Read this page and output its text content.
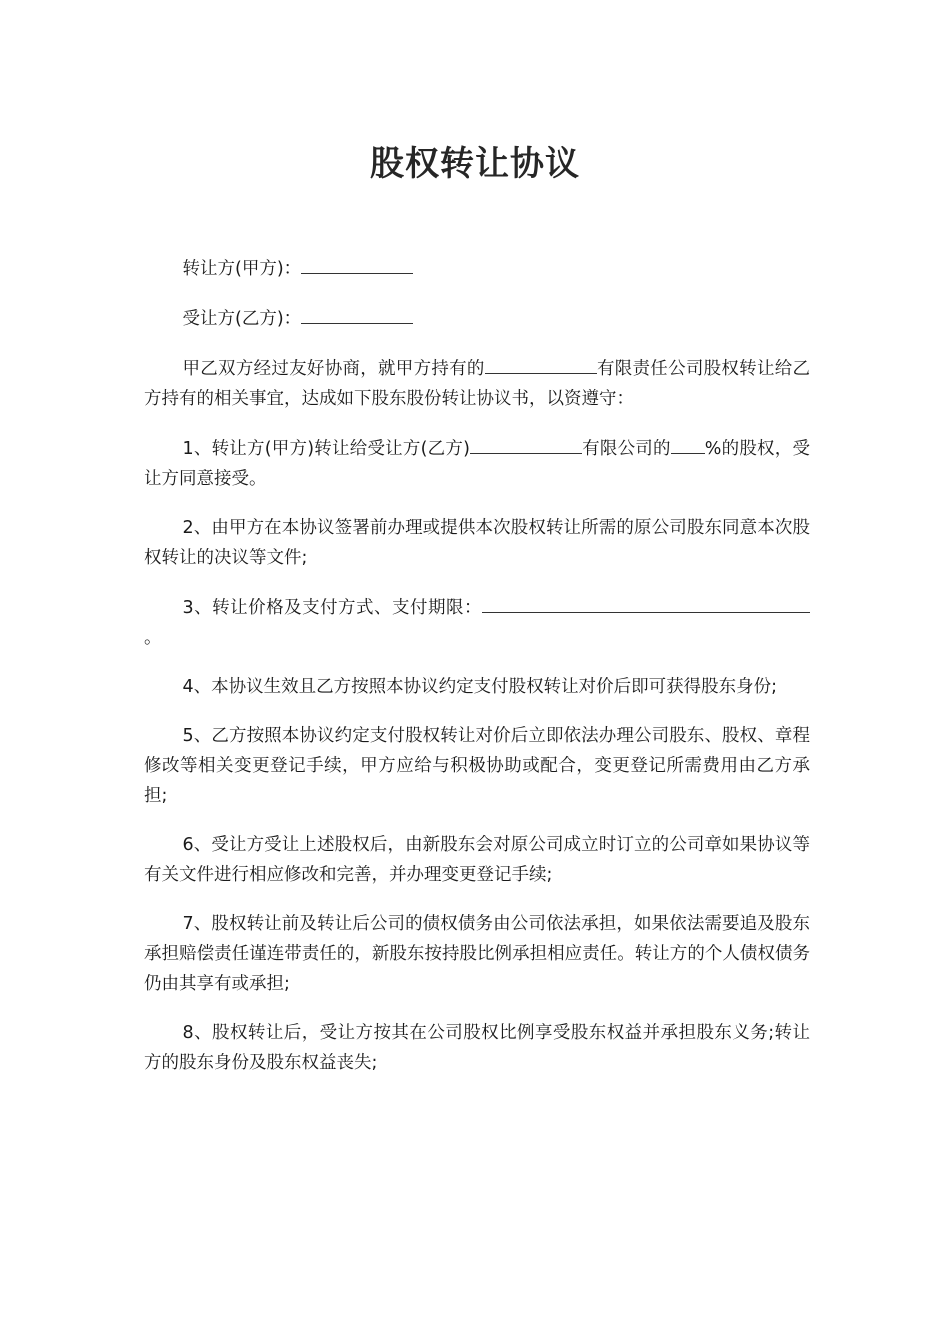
股权转让协议

转让方(甲方)：

受让方(乙方)：

甲乙双方经过友好协商，就甲方持有的	有限责任公司股权转让给乙方持有的相关事宜，达成如下股东股份转让协议书，以资遵守：

1、转让方(甲方)转让给受让方(乙方)	有限公司的 %的股权，受让方同意接受。

2、由甲方在本协议签署前办理或提供本次股权转让所需的原公司股东同意本次股权转让的决议等文件;

3、转让价格及支付方式、支付期限：。

4、本协议生效且乙方按照本协议约定支付股权转让对价后即可获得股东身份;

5、乙方按照本协议约定支付股权转让对价后立即依法办理公司股东、股权、章程修改等相关变更登记手续，甲方应给与积极协助或配合，变更登记所需费用由乙方承担;

6、受让方受让上述股权后，由新股东会对原公司成立时订立的公司章如果协议等有关文件进行相应修改和完善，并办理变更登记手续;

7、股权转让前及转让后公司的债权债务由公司依法承担，如果依法需要追及股东承担赔偿责任谨连带责任的，新股东按持股比例承担相应责任。转让方的个人债权债务仍由其享有或承担;

8、股权转让后，受让方按其在公司股权比例享受股东权益并承担股东义务;转让方的股东身份及股东权益丧失;
